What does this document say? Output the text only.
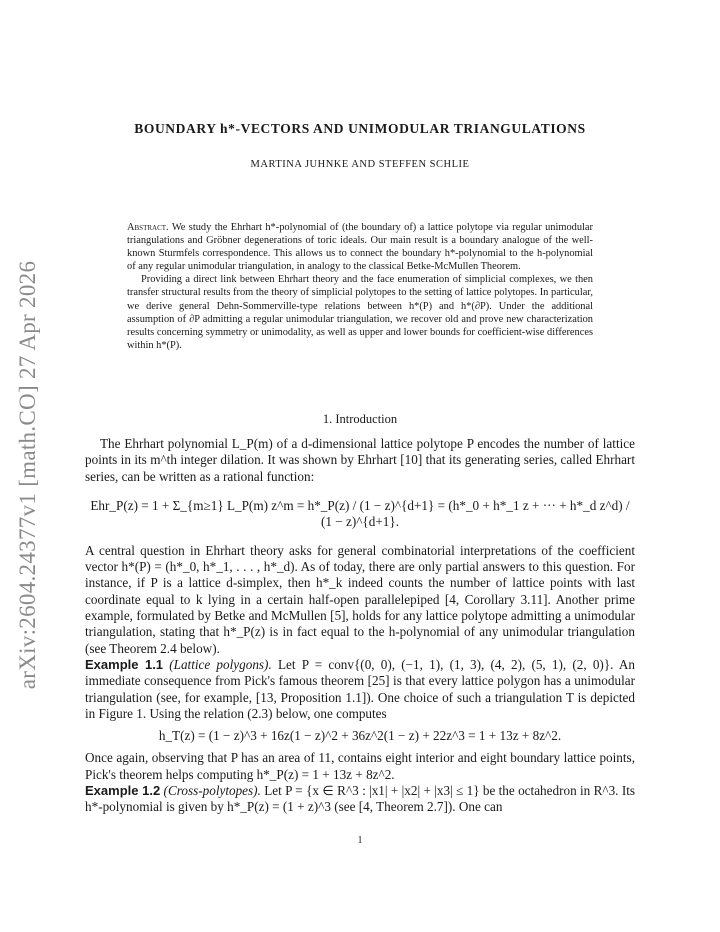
arXiv:2604.24377v1 [math.CO] 27 Apr 2026
BOUNDARY h*-VECTORS AND UNIMODULAR TRIANGULATIONS
MARTINA JUHNKE AND STEFFEN SCHLIE

Abstract. We study the Ehrhart h*-polynomial of (the boundary of) a lattice polytope via regular unimodular triangulations and Gröbner degenerations of toric ideals. Our main result is a boundary analogue of the well-known Sturmfels correspondence. This allows us to connect the boundary h*-polynomial to the h-polynomial of any regular unimodular triangulation, in analogy to the classical Betke-McMullen Theorem.

Providing a direct link between Ehrhart theory and the face enumeration of simplicial complexes, we then transfer structural results from the theory of simplicial polytopes to the setting of lattice polytopes. In particular, we derive general Dehn-Sommerville-type relations between h*(P) and h*(∂P). Under the additional assumption of ∂P admitting a regular unimodular triangulation, we recover old and prove new characterization results concerning symmetry or unimodality, as well as upper and lower bounds for coefficient-wise differences within h*(P).

1. Introduction

The Ehrhart polynomial L_P(m) of a d-dimensional lattice polytope P encodes the number of lattice points in its m^th integer dilation. It was shown by Ehrhart [10] that its generating series, called Ehrhart series, can be written as a rational function:

Ehr_P(z) = 1 + Σ_{m≥1} L_P(m) z^m = h*_P(z) / (1 − z)^{d+1} = (h*_0 + h*_1 z + ··· + h*_d z^d) / (1 − z)^{d+1}.

A central question in Ehrhart theory asks for general combinatorial interpretations of the coefficient vector h*(P) = (h*_0, h*_1, . . . , h*_d). As of today, there are only partial answers to this question. For instance, if P is a lattice d-simplex, then h*_k indeed counts the number of lattice points with last coordinate equal to k lying in a certain half-open parallelepiped [4, Corollary 3.11]. Another prime example, formulated by Betke and McMullen [5], holds for any lattice polytope admitting a unimodular triangulation, stating that h*_P(z) is in fact equal to the h-polynomial of any unimodular triangulation (see Theorem 2.4 below).

Example 1.1 (Lattice polygons). Let P = conv{(0, 0), (−1, 1), (1, 3), (4, 2), (5, 1), (2, 0)}. An immediate consequence from Pick's famous theorem [25] is that every lattice polygon has a unimodular triangulation (see, for example, [13, Proposition 1.1]). One choice of such a triangulation T is depicted in Figure 1. Using the relation (2.3) below, one computes

h_T(z) = (1 − z)^3 + 16z(1 − z)^2 + 36z^2(1 − z) + 22z^3 = 1 + 13z + 8z^2.

Once again, observing that P has an area of 11, contains eight interior and eight boundary lattice points, Pick's theorem helps computing h*_P(z) = 1 + 13z + 8z^2.

Example 1.2 (Cross-polytopes). Let P = {x ∈ R^3 : |x1| + |x2| + |x3| ≤ 1} be the octahedron in R^3. Its h*-polynomial is given by h*_P(z) = (1 + z)^3 (see [4, Theorem 2.7]). One can

1
